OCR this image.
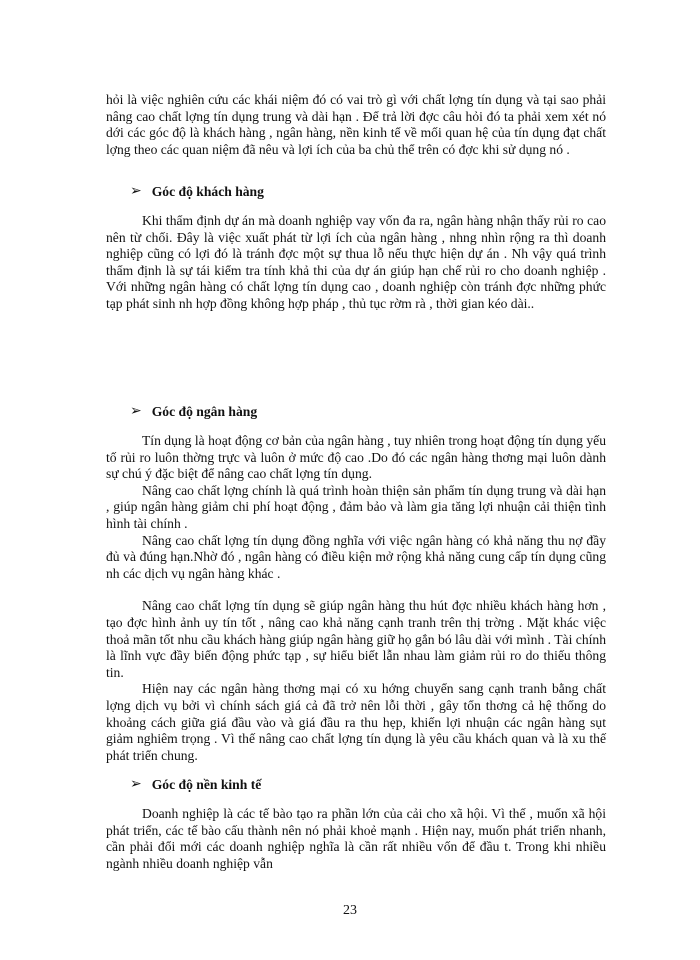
hỏi là việc nghiên cứu các khái niệm đó có vai trò gì với chất lợng tín dụng và tại sao phải nâng cao chất lợng tín dụng trung và dài hạn . Để trả lời đợc câu hỏi đó ta phải xem xét nó dới các góc độ là khách hàng , ngân hàng, nền kinh tế về mối quan hệ của tín dụng đạt chất lợng theo các quan niệm đã nêu và lợi ích của ba chủ thể trên có đợc khi sử dụng nó .

➢ Góc độ khách hàng

Khi thẩm định dự án mà doanh nghiệp vay vốn đa ra, ngân hàng nhận thấy rủi ro cao nên từ chối. Đây là việc xuất phát từ lợi ích của ngân hàng , nhng nhìn rộng ra thì doanh nghiệp cũng có lợi đó là tránh đợc một sự thua lỗ nếu thực hiện dự án . Nh vậy quá trình thẩm định là sự tái kiểm tra tính khả thi của dự án giúp hạn chế rủi ro cho doanh nghiệp . Với những ngân hàng có chất lợng tín dụng cao , doanh nghiệp còn tránh đợc những phức tạp phát sinh nh hợp đồng không hợp pháp , thủ tục rờm rà , thời gian kéo dài..

➢ Góc độ ngân hàng

Tín dụng là hoạt động cơ bản của ngân hàng , tuy nhiên trong hoạt động tín dụng yếu tố rủi ro luôn thờng trực và luôn ở mức độ cao .Do đó các ngân hàng thơng mại luôn dành sự chú ý đặc biệt để nâng cao chất lợng tín dụng.

Nâng cao chất lợng chính là quá trình hoàn thiện sản phẩm tín dụng trung và dài hạn , giúp ngân hàng giảm chi phí hoạt động , đảm bảo và làm gia tăng lợi nhuận cải thiện tình hình tài chính .

Nâng cao chất lợng tín dụng đồng nghĩa với việc ngân hàng có khả năng thu nợ đầy đủ và đúng hạn.Nhờ đó , ngân hàng có điều kiện mở rộng khả năng cung cấp tín dụng cũng nh các dịch vụ ngân hàng khác .

Nâng cao chất lợng tín dụng sẽ giúp ngân hàng thu hút đợc nhiều khách hàng hơn , tạo đợc hình ảnh uy tín tốt , nâng cao khả năng cạnh tranh trên thị trờng . Mặt khác việc thoả mãn tốt nhu cầu khách hàng giúp ngân hàng giữ họ gắn bó lâu dài với mình . Tài chính là lĩnh vực đầy biến động phức tạp , sự hiểu biết lẫn nhau làm giảm rủi ro do thiếu thông tin.

Hiện nay các ngân hàng thơng mại có xu hớng chuyển sang cạnh tranh bằng chất lợng dịch vụ bởi vì chính sách giá cả đã trở nên lỗi thời , gây tổn thơng cả hệ thống do khoảng cách giữa giá đầu vào và giá đầu ra thu hẹp, khiến lợi nhuận các ngân hàng sụt giảm nghiêm trọng . Vì thế nâng cao chất lợng tín dụng là yêu cầu khách quan và là xu thế phát triển chung.

➢ Góc độ nền kinh tế

Doanh nghiệp là các tế bào tạo ra phần lớn của cải cho xã hội. Vì thế , muốn xã hội phát triển, các tế bào cấu thành nên nó phải khoẻ mạnh . Hiện nay, muốn phát triển nhanh, cần phải đổi mới các doanh nghiệp nghĩa là cần rất nhiều vốn để đầu t. Trong khi nhiều ngành nhiều doanh nghiệp vẫn

23
